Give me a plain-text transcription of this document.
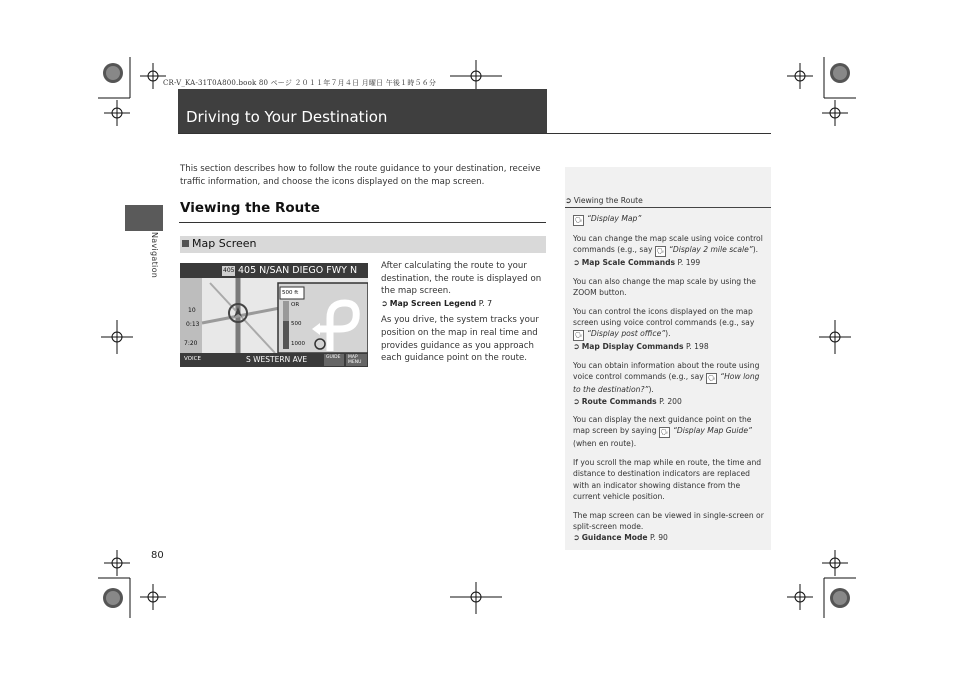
CR-V_KA-31T0A800.book 80 ページ ２０１１年７月４日 月曜日 午後１時５６分
Driving to Your Destination
Navigation
This section describes how to follow the route guidance to your destination, receive traffic information, and choose the icons displayed on the map screen.
Viewing the Route
Map Screen
405 405 N/SAN DIEGO FWY N
10
0:13
7:20
500 ft
OR
500
1000
VOICE	S WESTERN AVE	GUIDE MAP MENU

After calculating the route to your destination, the route is displayed on the map screen.

➲ Map Screen Legend P. 7

As you drive, the system tracks your position on the map in real time and provides guidance as you approach each guidance point on the route.

➲ Viewing the Route

🗣 “Display Map”

You can change the map scale using voice control commands (e.g., say 🗣 “Display 2 mile scale”).
➲ Map Scale Commands P. 199

You can also change the map scale by using the ZOOM button.

You can control the icons displayed on the map screen using voice control commands (e.g., say 🗣 “Display post office”).
➲ Map Display Commands P. 198

You can obtain information about the route using voice control commands (e.g., say 🗣 “How long to the destination?”).
➲ Route Commands P. 200

You can display the next guidance point on the map screen by saying 🗣 “Display Map Guide” (when en route).

If you scroll the map while en route, the time and distance to destination indicators are replaced with an indicator showing distance from the current vehicle position.

The map screen can be viewed in single-screen or split-screen mode.
➲ Guidance Mode P. 90

80
